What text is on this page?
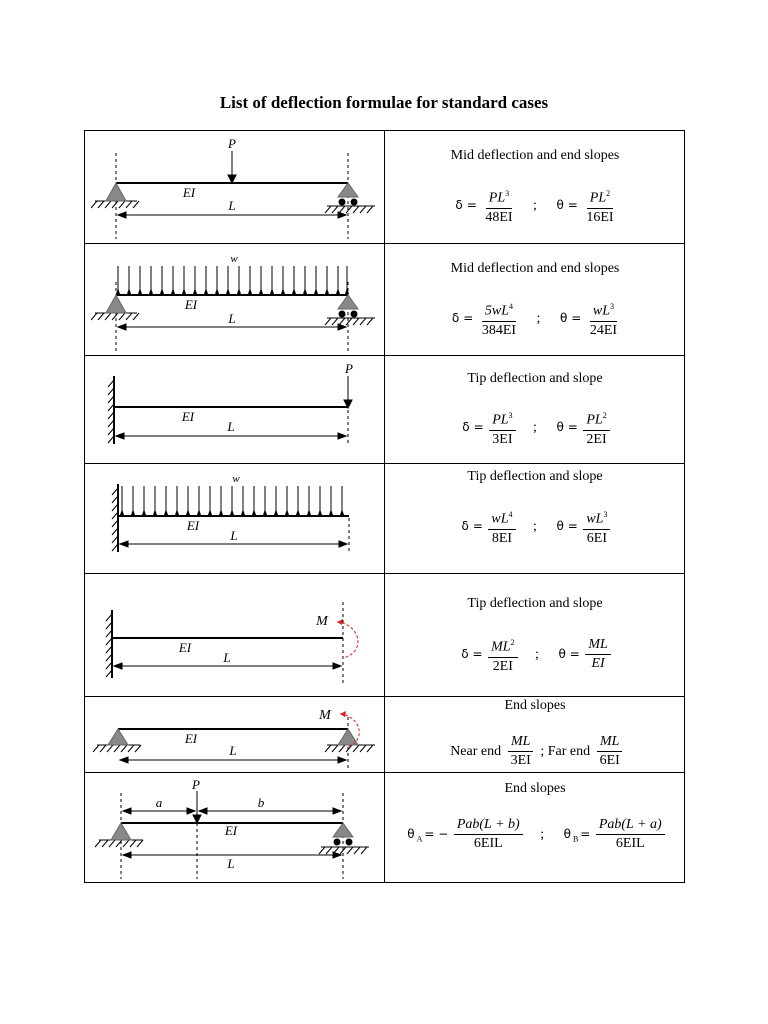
List of deflection formulae for standard cases
P
EI
L
Mid deflection and end slopes
$\delta = \frac{PL^3}{48EI}$ ; $\theta = \frac{PL^2}{16EI}$
w
EI
L
Mid deflection and end slopes
$\delta = \frac{5wL^4}{384EI}$ ; $\theta = \frac{wL^3}{24EI}$
P
EI
L
Tip deflection and slope
$\delta = \frac{PL^3}{3EI}$ ; $\theta = \frac{PL^2}{2EI}$
w
EI
L
Tip deflection and slope
$\delta = \frac{wL^4}{8EI}$ ; $\theta = \frac{wL^3}{6EI}$
M
EI
L
Tip deflection and slope
$\delta = \frac{ML^2}{2EI}$ ; $\theta = \frac{ML}{EI}$
M
EI
L
End slopes
Near end $\frac{ML}{3EI}$ ; Far end $\frac{ML}{6EI}$
P
a	b
EI
L
End slopes
θ $_A$ = − $\frac{\text{Pab(L + b)}}{\text{6EIL}}$ ; θ $_B = \frac{\text{Pab(L + a)}}{\text{6EIL}}$
